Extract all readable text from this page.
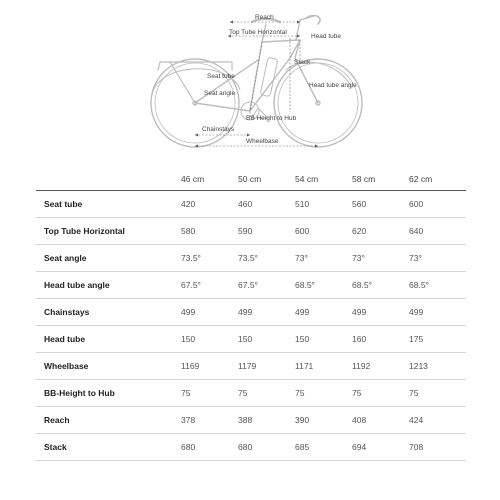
Reach
Top Tube Horizontal
Head tube
Stack
Seat tube
Head tube angle
Seat angle
BB Height to Hub
Chainstays
Wheelbase
	46 cm	50 cm	54 cm	58 cm	62 cm
Seat tube	420	460	510	560	600
Top Tube Horizontal	580	590	600	620	640
Seat angle	73.5°	73.5°	73°	73°	73°
Head tube angle	67.5°	67.5°	68.5°	68.5°	68.5°
Chainstays	499	499	499	499	499
Head tube	150	150	150	160	175
Wheelbase	1169	1179	1171	1192	1213
BB-Height to Hub	75	75	75	75	75
Reach	378	388	390	408	424
Stack	680	680	685	694	708
